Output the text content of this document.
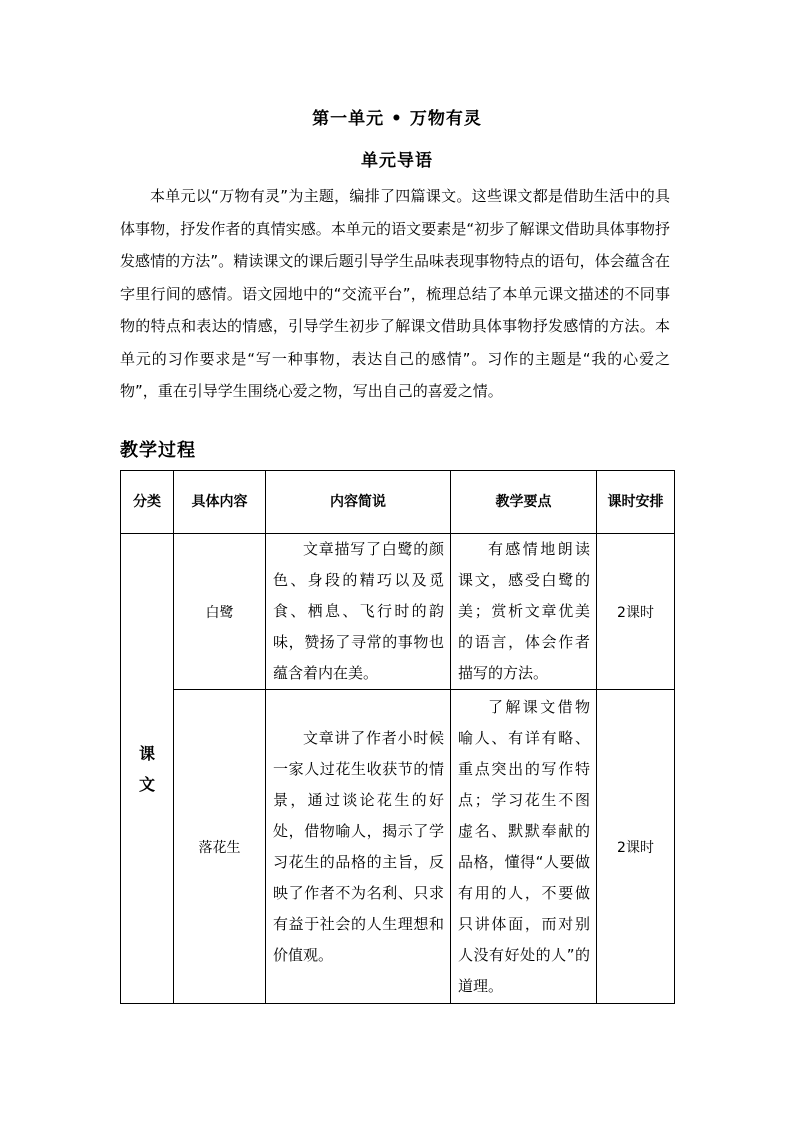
第一单元 • 万物有灵
单元导语

本单元以“万物有灵”为主题，编排了四篇课文。这些课文都是借助生活中的具体事物，抒发作者的真情实感。本单元的语文要素是“初步了解课文借助具体事物抒发感情的方法”。精读课文的课后题引导学生品味表现事物特点的语句，体会蕴含在字里行间的感情。语文园地中的“交流平台”，梳理总结了本单元课文描述的不同事物的特点和表达的情感，引导学生初步了解课文借助具体事物抒发感情的方法。本单元的习作要求是“写一种事物，表达自己的感情”。习作的主题是“我的心爱之物”，重在引导学生围绕心爱之物，写出自己的喜爱之情。

教学过程
分类	具体内容	内容简说	教学要点	课时安排

课
文	白鹭	文章描写了白鹭的颜色、身段的精巧以及觅食、栖息、飞行时的韵味，赞扬了寻常的事物也蕴含着内在美。	有感情地朗读课文，感受白鹭的美；赏析文章优美的语言，体会作者描写的方法。	2课时
	落花生	文章讲了作者小时候一家人过花生收获节的情景，通过谈论花生的好处，借物喻人，揭示了学习花生的品格的主旨，反映了作者不为名利、只求有益于社会的人生理想和价值观。	了解课文借物喻人、有详有略、重点突出的写作特点；学习花生不图虚名、默默奉献的品格，懂得“人要做有用的人，不要做只讲体面，而对别人没有好处的人”的道理。	2课时
